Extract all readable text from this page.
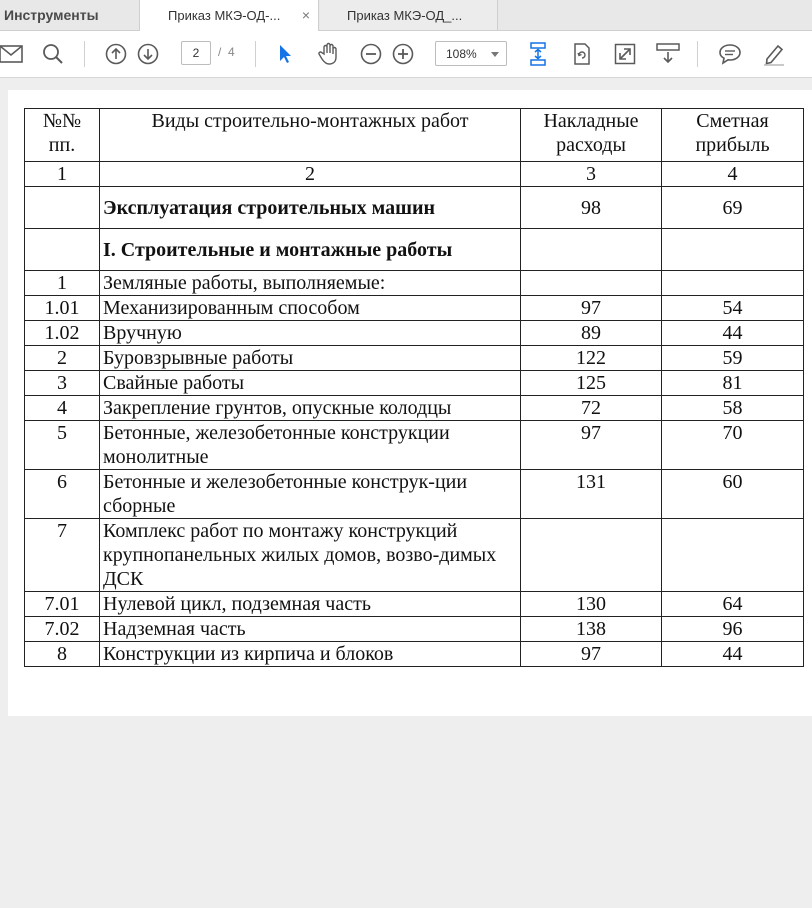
Инструменты	Приказ МКЭ-ОД-... ×	Приказ МКЭ-ОД_...
2	/ 4	108%
№№ пп.	Виды строительно-монтажных работ	Накладные расходы	Сметная прибыль
1	2	3	4
	Эксплуатация строительных машин	98	69
	I. Строительные и монтажные работы		
1	Земляные работы, выполняемые:		
1.01	Механизированным способом	97	54
1.02	Вручную	89	44
2	Буровзрывные работы	122	59
3	Свайные работы	125	81
4	Закрепление грунтов, опускные колодцы	72	58
5	Бетонные, железобетонные конструкции монолитные	97	70
6	Бетонные и железобетонные конструк-ции сборные	131	60
7	Комплекс работ по монтажу конструкций крупнопанельных жилых домов, возво-димых ДСК		
7.01	Нулевой цикл, подземная часть	130	64
7.02	Надземная часть	138	96
8	Конструкции из кирпича и блоков	97	44
